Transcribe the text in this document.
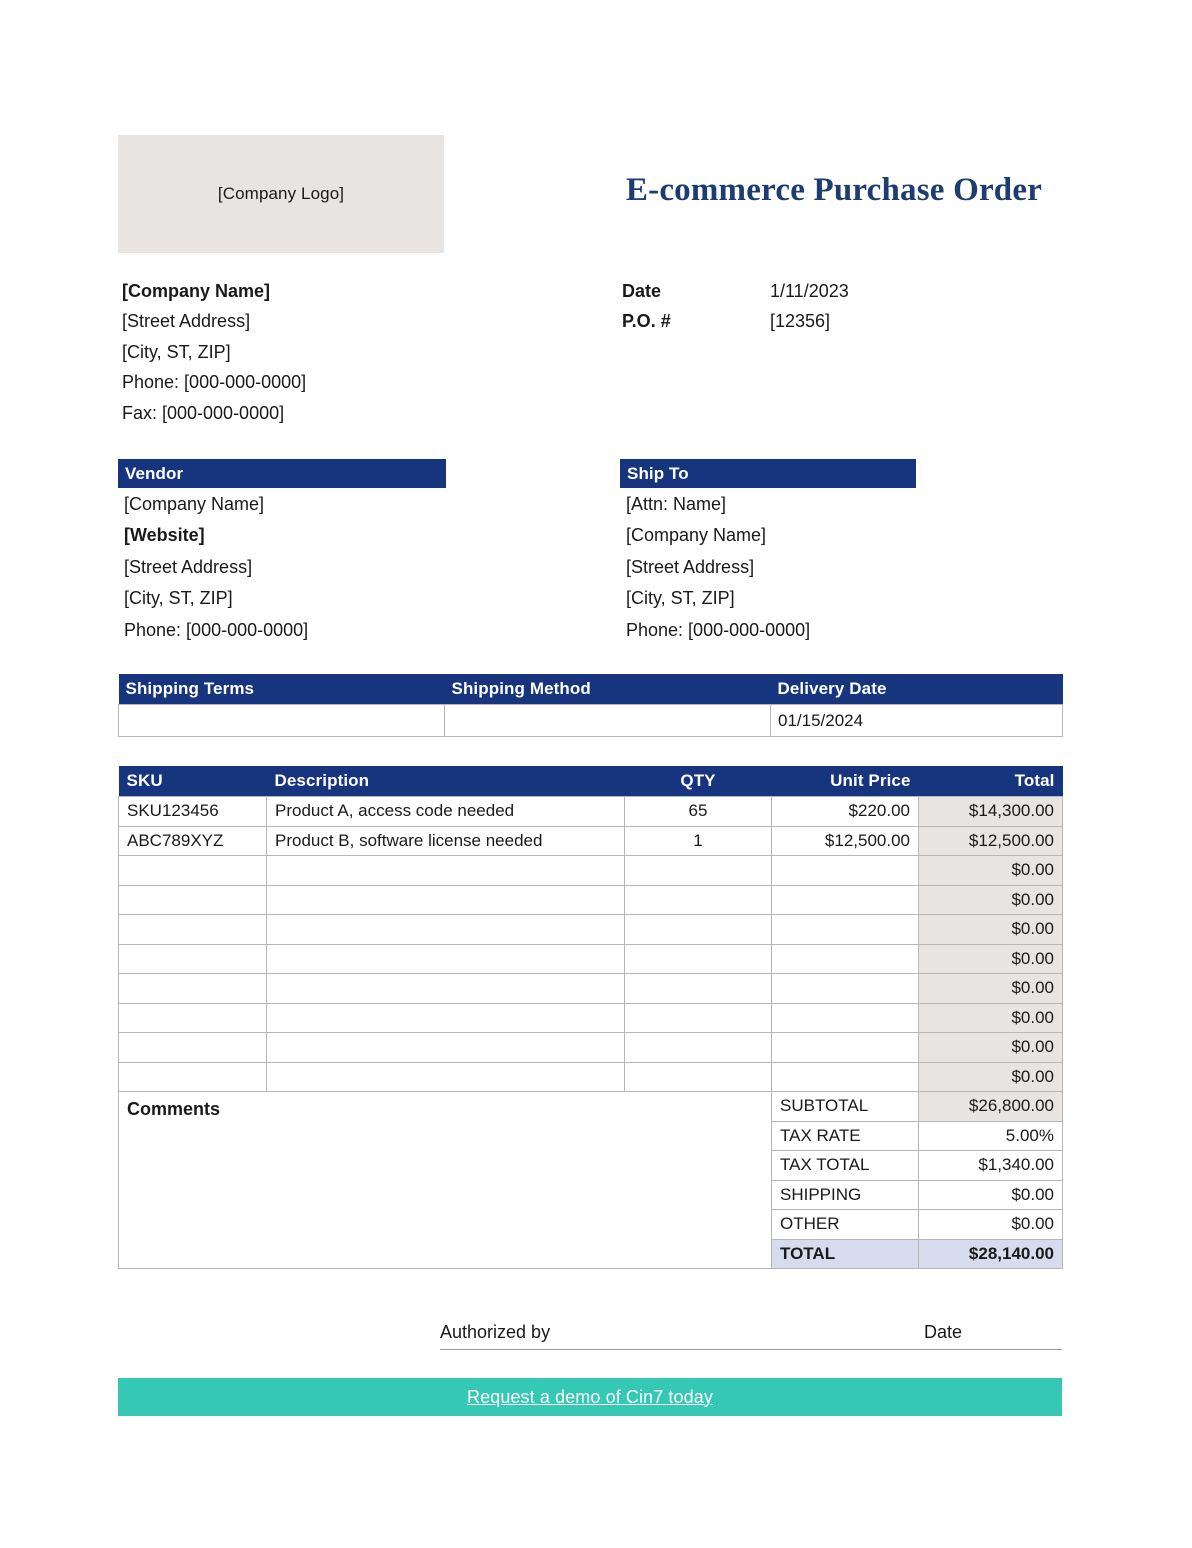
[Company Logo]	E-commerce Purchase Order
[Company Name]
[Street Address]
[City, ST, ZIP]
Phone: [000-000-0000]
Fax: [000-000-0000]
Date	1/11/2023
P.O. #	[12356]
Vendor
[Company Name]
[Website]
[Street Address]
[City, ST, ZIP]
Phone: [000-000-0000]
Ship To
[Attn: Name]
[Company Name]
[Street Address]
[City, ST, ZIP]
Phone: [000-000-0000]
Shipping Terms	Shipping Method	Delivery Date
		01/15/2024
SKU	Description	QTY	Unit Price	Total
SKU123456	Product A, access code needed	65	$220.00	$14,300.00
ABC789XYZ	Product B, software license needed	1	$12,500.00	$12,500.00
				$0.00
				$0.00
				$0.00
				$0.00
				$0.00
				$0.00
				$0.00
				$0.00
Comments			SUBTOTAL	$26,800.00
			TAX RATE	5.00%
			TAX TOTAL	$1,340.00
			SHIPPING	$0.00
			OTHER	$0.00
			TOTAL	$28,140.00
Authorized by	Date
Request a demo of Cin7 today
